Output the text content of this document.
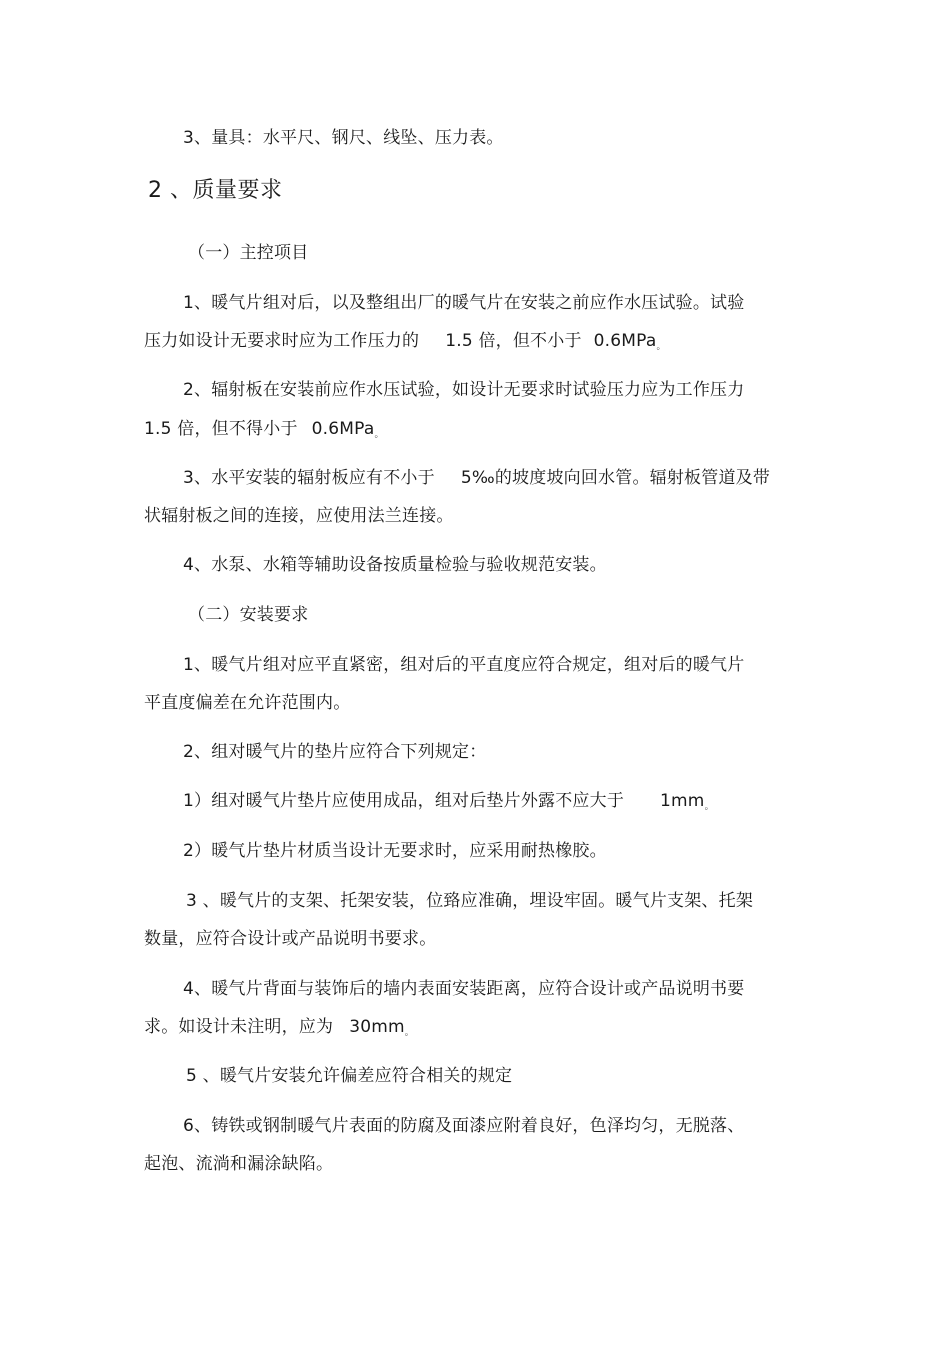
3、量具：水平尺、钢尺、线坠、压力表。
2 、质量要求
（一）主控项目
1、暖气片组对后，以及整组出厂的暖气片在安装之前应作水压试验。试验
压力如设计无要求时应为工作压力的 1.5 倍，但不小于 0.6MPa。
2、辐射板在安装前应作水压试验，如设计无要求时试验压力应为工作压力
1.5 倍，但不得小于 0.6MPa。
3、水平安装的辐射板应有不小于 5‰的坡度坡向回水管。辐射板管道及带
状辐射板之间的连接，应使用法兰连接。
4、水泵、水箱等辅助设备按质量检验与验收规范安装。
（二）安装要求
1、暖气片组对应平直紧密，组对后的平直度应符合规定，组对后的暖气片
平直度偏差在允许范围内。
2、组对暖气片的垫片应符合下列规定：
1）组对暖气片垫片应使用成品，组对后垫片外露不应大于 1mm。
2）暖气片垫片材质当设计无要求时，应采用耐热橡胶。
3 、暖气片的支架、托架安装，位臵应准确，埋设牢固。暖气片支架、托架
数量，应符合设计或产品说明书要求。
4、暖气片背面与装饰后的墙内表面安装距离，应符合设计或产品说明书要
求。如设计未注明，应为 30mm。
5 、暖气片安装允许偏差应符合相关的规定
6、铸铁或钢制暖气片表面的防腐及面漆应附着良好，色泽均匀，无脱落、
起泡、流淌和漏涂缺陷。
